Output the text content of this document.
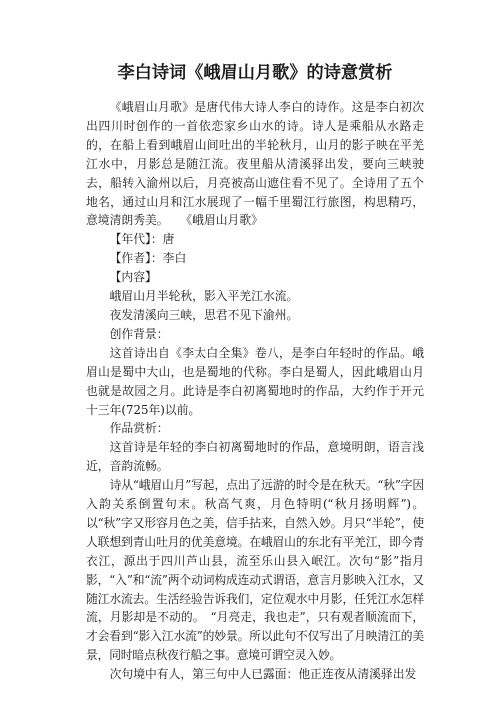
李白诗词《峨眉山月歌》的诗意赏析

《峨眉山月歌》是唐代伟大诗人李白的诗作。这是李白初次出四川时创作的一首依恋家乡山水的诗。诗人是乘船从水路走的，在船上看到峨眉山间吐出的半轮秋月，山月的影子映在平羌江水中，月影总是随江流。夜里船从清溪驿出发，要向三峡驶去，船转入渝州以后，月亮被高山遮住看不见了。全诗用了五个地名，通过山月和江水展现了一幅千里蜀江行旅图，构思精巧，意境清朗秀美。　　《峨眉山月歌》

【年代】：唐

【作者】：李白

【内容】

峨眉山月半轮秋，影入平羌江水流。

夜发清溪向三峡，思君不见下渝州。

创作背景：

这首诗出自《李太白全集》卷八，是李白年轻时的作品。峨眉山是蜀中大山，也是蜀地的代称。李白是蜀人，因此峨眉山月也就是故园之月。此诗是李白初离蜀地时的作品，大约作于开元十三年(725年)以前。

作品赏析：

这首诗是年轻的李白初离蜀地时的作品，意境明朗，语言浅近，音韵流畅。

诗从“峨眉山月”写起，点出了远游的时令是在秋天。“秋”字因入韵关系倒置句末。秋高气爽，月色特明(“秋月扬明辉”)。以“秋”字又形容月色之美，信手拈来，自然入妙。月只“半轮”，使人联想到青山吐月的优美意境。在峨眉山的东北有平羌江，即今青衣江，源出于四川芦山县，流至乐山县入岷江。次句“影”指月影，“入”和“流”两个动词构成连动式谓语，意言月影映入江水，又随江水流去。生活经验告诉我们，定位观水中月影，任凭江水怎样流，月影却是不动的。　“月亮走，我也走”，只有观者顺流而下，才会看到“影入江水流”的妙景。所以此句不仅写出了月映清江的美景，同时暗点秋夜行船之事。意境可谓空灵入妙。

次句境中有人，第三句中人已露面：他正连夜从清溪驿出发
